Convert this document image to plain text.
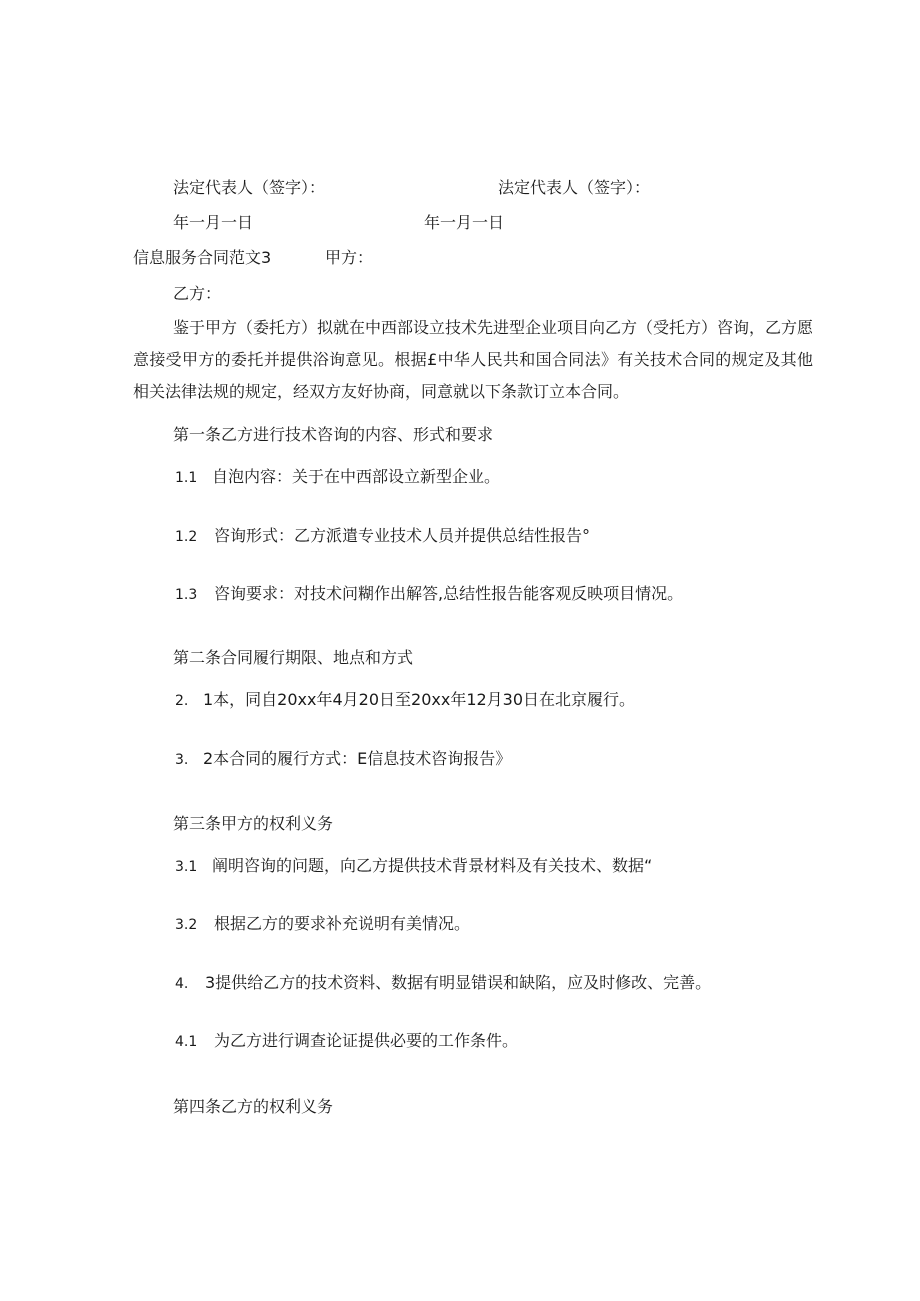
法定代表人（签字）：	法定代表人（签字）：
年一月一日	年一月一日
信息服务合同范文3	甲方：
乙方：
鉴于甲方（委托方）拟就在中西部设立技术先进型企业项目向乙方（受托方）咨询，乙方愿意接受甲方的委托并提供浴询意见。根据£中华人民共和国合同法》有关技术合同的规定及其他相关法律法规的规定，经双方友好协商，同意就以下条款订立本合同。
第一条乙方进行技术咨询的内容、形式和要求
1.1 自泡内容：关于在中西部设立新型企业。
1.2 咨询形式：乙方派遣专业技术人员并提供总结性报告°
1.3 咨询要求：对技术问糊作出解答,总结性报告能客观反映项目情况。
第二条合同履行期限、地点和方式
2. 1本，同自20xx年4月20日至20xx年12月30日在北京履行。
3. 2本合同的履行方式：E信息技术咨询报告》
第三条甲方的权利义务
3.1 阐明咨询的问题，向乙方提供技术背景材料及有关技术、数据“
3.2 根据乙方的要求补充说明有美情况。
4. 3提供给乙方的技术资料、数据有明显错误和缺陷，应及时修改、完善。
4.1 为乙方进行调查论证提供必要的工作条件。
第四条乙方的权利义务
